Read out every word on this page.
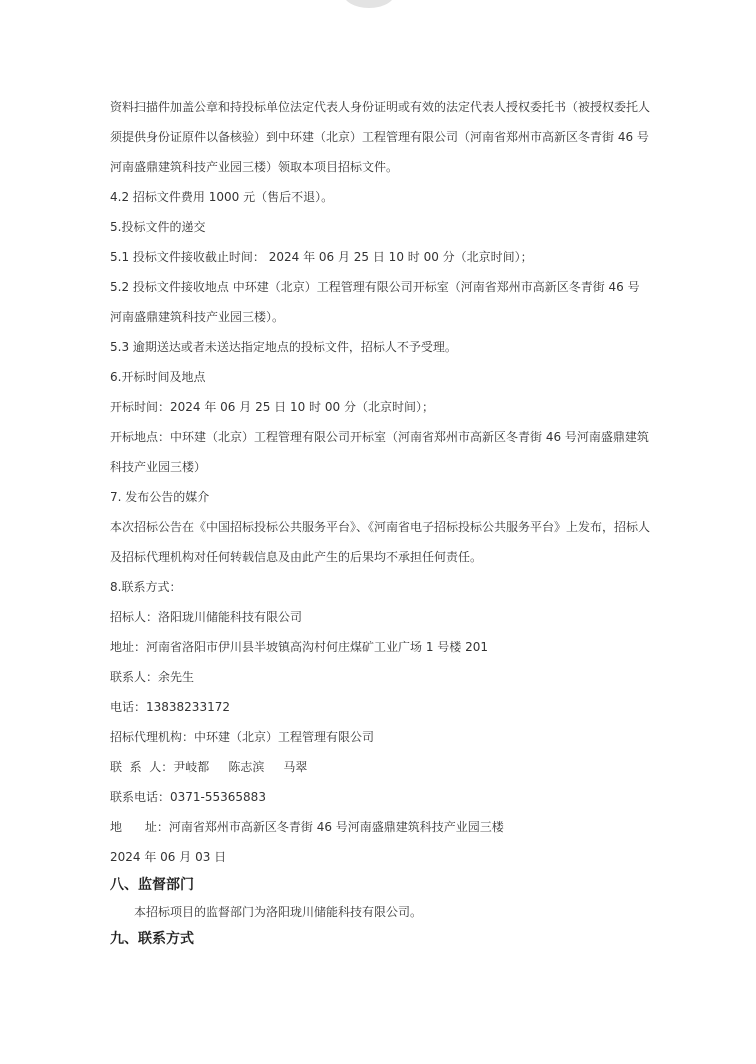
资料扫描件加盖公章和持投标单位法定代表人身份证明或有效的法定代表人授权委托书（被授权委托人须提供身份证原件以备核验）到中环建（北京）工程管理有限公司（河南省郑州市高新区冬青街 46 号河南盛鼎建筑科技产业园三楼）领取本项目招标文件。

4.2 招标文件费用 1000 元（售后不退）。

5.投标文件的递交

5.1 投标文件接收截止时间： 2024 年 06 月 25 日 10 时 00 分（北京时间）；

5.2 投标文件接收地点 中环建（北京）工程管理有限公司开标室（河南省郑州市高新区冬青街 46 号河南盛鼎建筑科技产业园三楼）。

5.3 逾期送达或者未送达指定地点的投标文件，招标人不予受理。

6.开标时间及地点

开标时间：2024 年 06 月 25 日 10 时 00 分（北京时间）；

开标地点：中环建（北京）工程管理有限公司开标室（河南省郑州市高新区冬青街 46 号河南盛鼎建筑科技产业园三楼）

7. 发布公告的媒介

本次招标公告在《中国招标投标公共服务平台》、《河南省电子招标投标公共服务平台》上发布，招标人及招标代理机构对任何转载信息及由此产生的后果均不承担任何责任。

8.联系方式：

招标人：洛阳珑川储能科技有限公司

地址：河南省洛阳市伊川县半坡镇高沟村何庄煤矿工业广场 1 号楼 201

联系人：余先生

电话：13838233172

招标代理机构：中环建（北京）工程管理有限公司

联  系  人：尹岐都     陈志滨     马翠

联系电话：0371-55365883

地      址：河南省郑州市高新区冬青街 46 号河南盛鼎建筑科技产业园三楼

2024 年 06 月 03 日

八、监督部门

本招标项目的监督部门为洛阳珑川储能科技有限公司。

九、联系方式
